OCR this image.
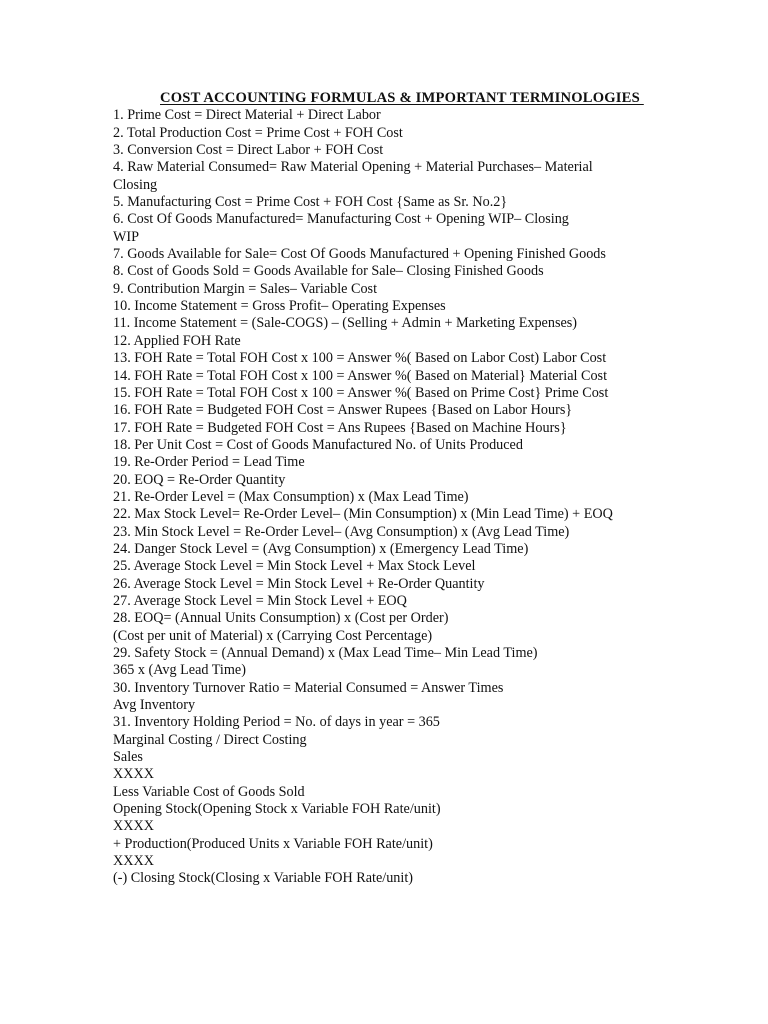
COST ACCOUNTING FORMULAS & IMPORTANT TERMINOLOGIES
1. Prime Cost = Direct Material + Direct Labor
2. Total Production Cost = Prime Cost + FOH Cost
3. Conversion Cost = Direct Labor + FOH Cost
4. Raw Material Consumed= Raw Material Opening + Material Purchases– Material
Closing
5. Manufacturing Cost = Prime Cost + FOH Cost {Same as Sr. No.2}
6. Cost Of Goods Manufactured= Manufacturing Cost + Opening WIP– Closing
WIP
7. Goods Available for Sale= Cost Of Goods Manufactured + Opening Finished Goods
8. Cost of Goods Sold = Goods Available for Sale– Closing Finished Goods
9. Contribution Margin = Sales– Variable Cost
10. Income Statement = Gross Profit– Operating Expenses
11. Income Statement = (Sale-COGS) – (Selling + Admin + Marketing Expenses)
12. Applied FOH Rate
13. FOH Rate = Total FOH Cost x 100 = Answer %( Based on Labor Cost) Labor Cost
14. FOH Rate = Total FOH Cost x 100 = Answer %( Based on Material} Material Cost
15. FOH Rate = Total FOH Cost x 100 = Answer %( Based on Prime Cost} Prime Cost
16. FOH Rate = Budgeted FOH Cost = Answer Rupees {Based on Labor Hours}
17. FOH Rate = Budgeted FOH Cost = Ans Rupees {Based on Machine Hours}
18. Per Unit Cost = Cost of Goods Manufactured No. of Units Produced
19. Re-Order Period = Lead Time
20. EOQ = Re-Order Quantity
21. Re-Order Level = (Max Consumption) x (Max Lead Time)
22. Max Stock Level= Re-Order Level– (Min Consumption) x (Min Lead Time) + EOQ
23. Min Stock Level = Re-Order Level– (Avg Consumption) x (Avg Lead Time)
24. Danger Stock Level = (Avg Consumption) x (Emergency Lead Time)
25. Average Stock Level = Min Stock Level + Max Stock Level
26. Average Stock Level = Min Stock Level + Re-Order Quantity
27. Average Stock Level = Min Stock Level + EOQ
28. EOQ= (Annual Units Consumption) x (Cost per Order)
(Cost per unit of Material) x (Carrying Cost Percentage)
29. Safety Stock = (Annual Demand) x (Max Lead Time– Min Lead Time)
365 x (Avg Lead Time)
30. Inventory Turnover Ratio = Material Consumed = Answer Times
Avg Inventory
31. Inventory Holding Period = No. of days in year = 365
Marginal Costing / Direct Costing
Sales
XXXX
Less Variable Cost of Goods Sold
Opening Stock(Opening Stock x Variable FOH Rate/unit)
XXXX
+ Production(Produced Units x Variable FOH Rate/unit)
XXXX
(-) Closing Stock(Closing x Variable FOH Rate/unit)
